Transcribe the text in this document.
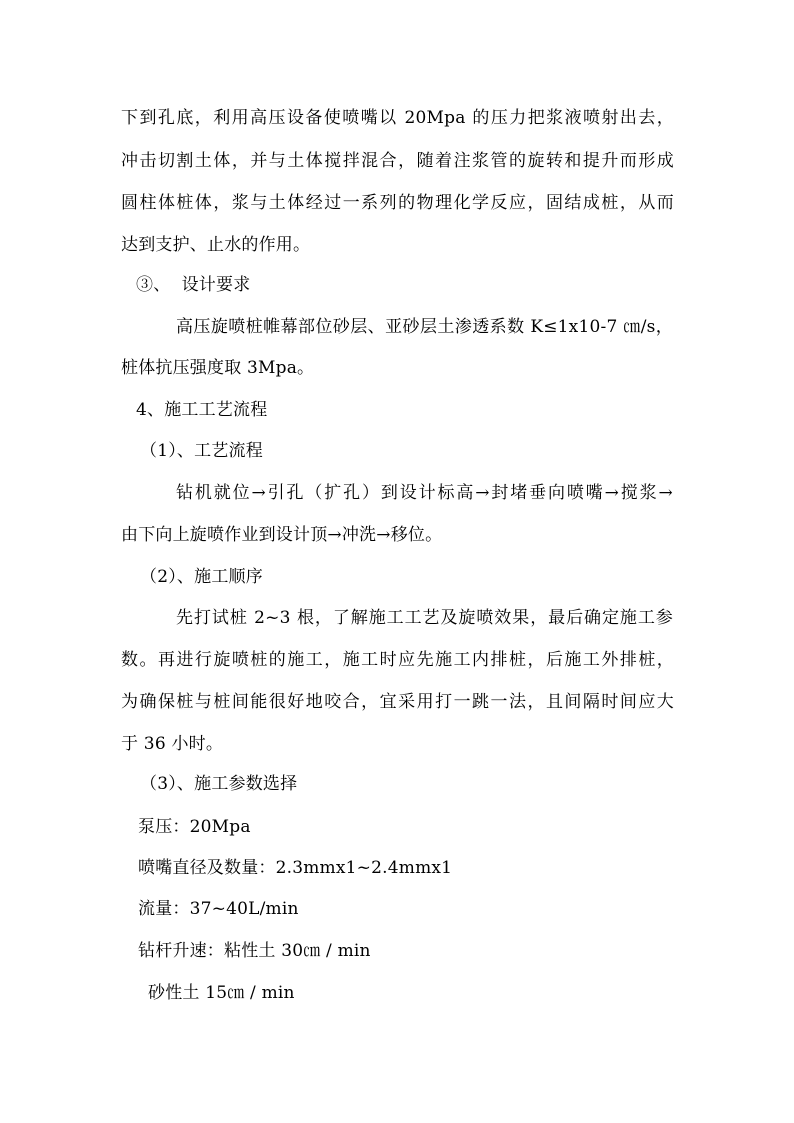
下到孔底，利用高压设备使喷嘴以 20Mpa 的压力把浆液喷射出去，
冲击切割土体，并与土体搅拌混合，随着注浆管的旋转和提升而形成
圆柱体桩体，浆与土体经过一系列的物理化学反应，固结成桩，从而
达到支护、止水的作用。
③、  设计要求
高压旋喷桩帷幕部位砂层、亚砂层土渗透系数 K≤1x10-7 ㎝/s，
桩体抗压强度取 3Mpa。
4、施工工艺流程
（1）、工艺流程
钻机就位→引孔（扩孔）到设计标高→封堵垂向喷嘴→搅浆→
由下向上旋喷作业到设计顶→冲洗→移位。
（2）、施工顺序
先打试桩 2~3 根，了解施工工艺及旋喷效果，最后确定施工参
数。再进行旋喷桩的施工，施工时应先施工内排桩，后施工外排桩，
为确保桩与桩间能很好地咬合，宜采用打一跳一法，且间隔时间应大
于 36 小时。
（3）、施工参数选择
泵压：20Mpa
喷嘴直径及数量：2.3mmx1~2.4mmx1
流量：37~40L/min
钻杆升速：粘性土 30㎝ / min
砂性土 15㎝ / min
